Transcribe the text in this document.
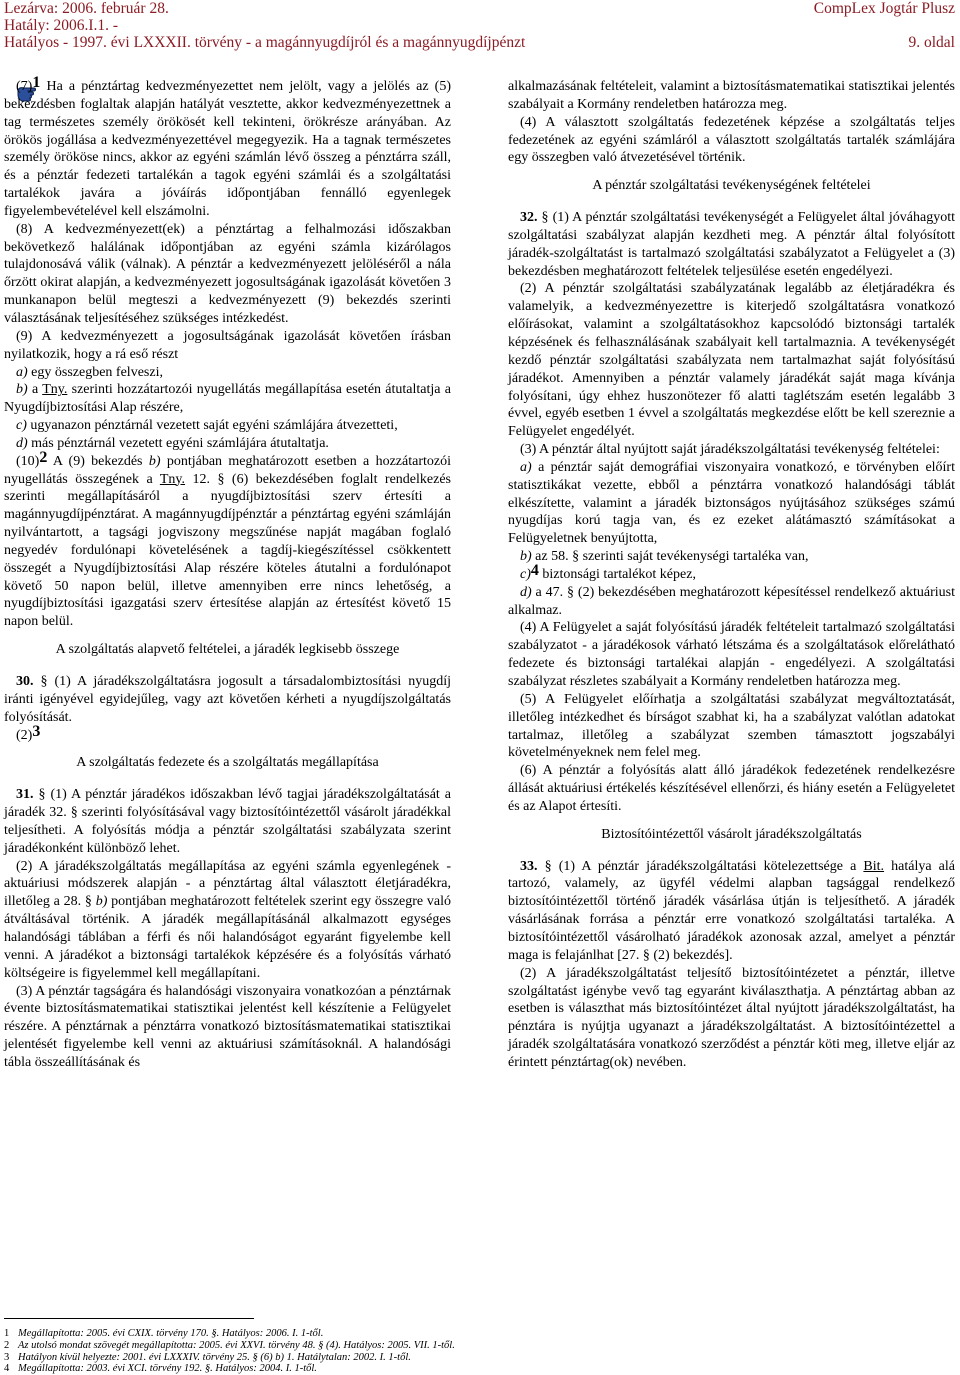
Lezárva: 2006. február 28.
Hatály: 2006.I.1. -
Hatályos - 1997. évi LXXXII. törvény - a magánnyugdíjról és a magánnyugdíjpénzt
CompLex Jogtár Plusz
9. oldal

(7)$^1$ Ha a pénztártag kedvezményezettet nem jelölt, vagy a jelölés az (5) bekezdésben foglaltak alapján hatályát vesztette, akkor kedvezményezettnek a tag természetes személy örökösét kell tekinteni, örökrésze arányában. Az örökös jogállása a kedvezményezettével megegyezik. Ha a tagnak természetes személy örököse nincs, akkor az egyéni számlán lévő összeg a pénztárra száll, és a pénztár fedezeti tartalékán a tagok egyéni számlái és a szolgáltatási tartalékok javára a jóváírás időpontjában fennálló egyenlegek figyelembevételével kell elszámolni.

(8) A kedvezményezett(ek) a pénztártag a felhalmozási időszakban bekövetkező halálának időpontjában az egyéni számla kizárólagos tulajdonosává válik (válnak). A pénztár a kedvezményezett jelöléséről a nála őrzött okirat alapján, a kedvezményezett jogosultságának igazolását követően 3 munkanapon belül megteszi a kedvezményezett (9) bekezdés szerinti választásának teljesítéséhez szükséges intézkedést.

(9) A kedvezményezett a jogosultságának igazolását követően írásban nyilatkozik, hogy a rá eső részt

a) egy összegben felveszi,

b) a Tny. szerinti hozzátartozói nyugellátás megállapítása esetén átutaltatja a Nyugdíjbiztosítási Alap részére,

c) ugyanazon pénztárnál vezetett saját egyéni számlájára átvezetteti,

d) más pénztárnál vezetett egyéni számlájára átutaltatja.

(10)$^2$ A (9) bekezdés b) pontjában meghatározott esetben a hozzátartozói nyugellátás összegének a Tny. 12. § (6) bekezdésében foglalt rendelkezés szerinti megállapításáról a nyugdíjbiztosítási szerv értesíti a magánnyugdíjpénztárat. A magánnyugdíjpénztár a pénztártag egyéni számláján nyilvántartott, a tagsági jogviszony megszűnése napját magában foglaló negyedév fordulónapi követelésének a tagdíj-kiegészítéssel csökkentett összegét a Nyugdíjbiztosítási Alap részére köteles átutalni a fordulónapot követő 50 napon belül, illetve amennyiben erre nincs lehetőség, a nyugdíjbiztosítási igazgatási szerv értesítése alapján az értesítést követő 15 napon belül.

A szolgáltatás alapvető feltételei, a járadék legkisebb összege

30. § (1) A járadékszolgáltatásra jogosult a társadalombiztosítási nyugdíj iránti igényével egyidejűleg, vagy azt követően kérheti a nyugdíjszolgáltatás folyósítását.

(2)$^3$

A szolgáltatás fedezete és a szolgáltatás megállapítása

31. § (1) A pénztár járadékos időszakban lévő tagjai járadékszolgáltatását a járadék 32. § szerinti folyósításával vagy biztosítóintézettől vásárolt járadékkal teljesítheti. A folyósítás módja a pénztár szolgáltatási szabályzata szerint járadékonként különböző lehet.

(2) A járadékszolgáltatás megállapítása az egyéni számla egyenlegének - aktuáriusi módszerek alapján - a pénztártag által választott életjáradékra, illetőleg a 28. § b) pontjában meghatározott feltételek szerint egy összegre való átváltásával történik. A járadék megállapításánál alkalmazott egységes halandósági táblában a férfi és női halandóságot egyaránt figyelembe kell venni. A járadékot a biztonsági tartalékok képzésére és a folyósítás várható költségeire is figyelemmel kell megállapítani.

(3) A pénztár tagságára és halandósági viszonyaira vonatkozóan a pénztárnak évente biztosításmatematikai statisztikai jelentést kell készítenie a Felügyelet részére. A pénztárnak a pénztárra vonatkozó biztosításmatematikai statisztikai jelentését figyelembe kell venni az aktuáriusi számításoknál. A halandósági tábla összeállításának és

alkalmazásának feltételeit, valamint a biztosításmatematikai statisztikai jelentés szabályait a Kormány rendeletben határozza meg.

(4) A választott szolgáltatás fedezetének képzése a szolgáltatás teljes fedezetének az egyéni számláról a választott szolgáltatás tartalék számlájára egy összegben való átvezetésével történik.

A pénztár szolgáltatási tevékenységének feltételei

32. § (1) A pénztár szolgáltatási tevékenységét a Felügyelet által jóváhagyott szolgáltatási szabályzat alapján kezdheti meg. A pénztár által folyósított járadék-szolgáltatást is tartalmazó szolgáltatási szabályzatot a Felügyelet a (3) bekezdésben meghatározott feltételek teljesülése esetén engedélyezi.

(2) A pénztár szolgáltatási szabályzatának legalább az életjáradékra és valamelyik, a kedvezményezettre is kiterjedő szolgáltatásra vonatkozó előírásokat, valamint a szolgáltatásokhoz kapcsolódó biztonsági tartalék képzésének és felhasználásának szabályait kell tartalmaznia. A tevékenységét kezdő pénztár szolgáltatási szabályzata nem tartalmazhat saját folyósítású járadékot. Amennyiben a pénztár valamely járadékát saját maga kívánja folyósítani, úgy ehhez huszonötezer fő alatti taglétszám esetén legalább 3 évvel, egyéb esetben 1 évvel a szolgáltatás megkezdése előtt be kell szereznie a Felügyelet engedélyét.

(3) A pénztár által nyújtott saját járadékszolgáltatási tevékenység feltételei:

a) a pénztár saját demográfiai viszonyaira vonatkozó, e törvényben előírt statisztikákat vezette, ebből a pénztárra vonatkozó halandósági táblát elkészítette, valamint a járadék biztonságos nyújtásához szükséges számú nyugdíjas korú tagja van, és ez ezeket alátámasztó számításokat a Felügyeletnek benyújtotta,

b) az 58. § szerinti saját tevékenységi tartaléka van,

c)$^4$ biztonsági tartalékot képez,

d) a 47. § (2) bekezdésében meghatározott képesítéssel rendelkező aktuáriust alkalmaz.

(4) A Felügyelet a saját folyósítású járadék feltételeit tartalmazó szolgáltatási szabályzatot - a járadékosok várható létszáma és a szolgáltatások előrelátható fedezete és biztonsági tartalékai alapján - engedélyezi. A szolgáltatási szabályzat részletes szabályait a Kormány rendeletben határozza meg.

(5) A Felügyelet előírhatja a szolgáltatási szabályzat megváltoztatását, illetőleg intézkedhet és bírságot szabhat ki, ha a szabályzat valótlan adatokat tartalmaz, illetőleg a szabályzat szemben támasztott jogszabályi követelményeknek nem felel meg.

(6) A pénztár a folyósítás alatt álló járadékok fedezetének rendelkezésre állását aktuáriusi értékelés készítésével ellenőrzi, és hiány esetén a Felügyeletet és az Alapot értesíti.

Biztosítóintézettől vásárolt járadékszolgáltatás

33. § (1) A pénztár járadékszolgáltatási kötelezettsége a Bit. hatálya alá tartozó, valamely, az ügyfél védelmi alapban tagsággal rendelkező biztosítóintézettől történő járadék vásárlása útján is teljesíthető. A járadék vásárlásának forrása a pénztár erre vonatkozó szolgáltatási tartaléka. A biztosítóintézettől vásárolható járadékok azonosak azzal, amelyet a pénztár maga is felajánlhat [27. § (2) bekezdés].

(2) A járadékszolgáltatást teljesítő biztosítóintézetet a pénztár, illetve szolgáltatást igénybe vevő tag egyaránt kiválaszthatja. A pénztártag abban az esetben is választhat más biztosítóintézet által nyújtott járadékszolgáltatást, ha pénztára is nyújtja ugyanazt a járadékszolgáltatást. A biztosítóintézettel a járadék szolgáltatására vonatkozó szerződést a pénztár köti meg, illetve eljár az érintett pénztártag(ok) nevében.

1 Megállapította: 2005. évi CXIX. törvény 170. §. Hatályos: 2006. I. 1-től.
2 Az utolsó mondat szövegét megállapította: 2005. évi XXVI. törvény 48. § (4). Hatályos: 2005. VII. 1-től.
3 Hatályon kívül helyezte: 2001. évi LXXXIV. törvény 25. § (6) b) 1. Hatálytalan: 2002. I. 1-től.
4 Megállapította: 2003. évi XCI. törvény 192. §. Hatályos: 2004. I. 1-től.
